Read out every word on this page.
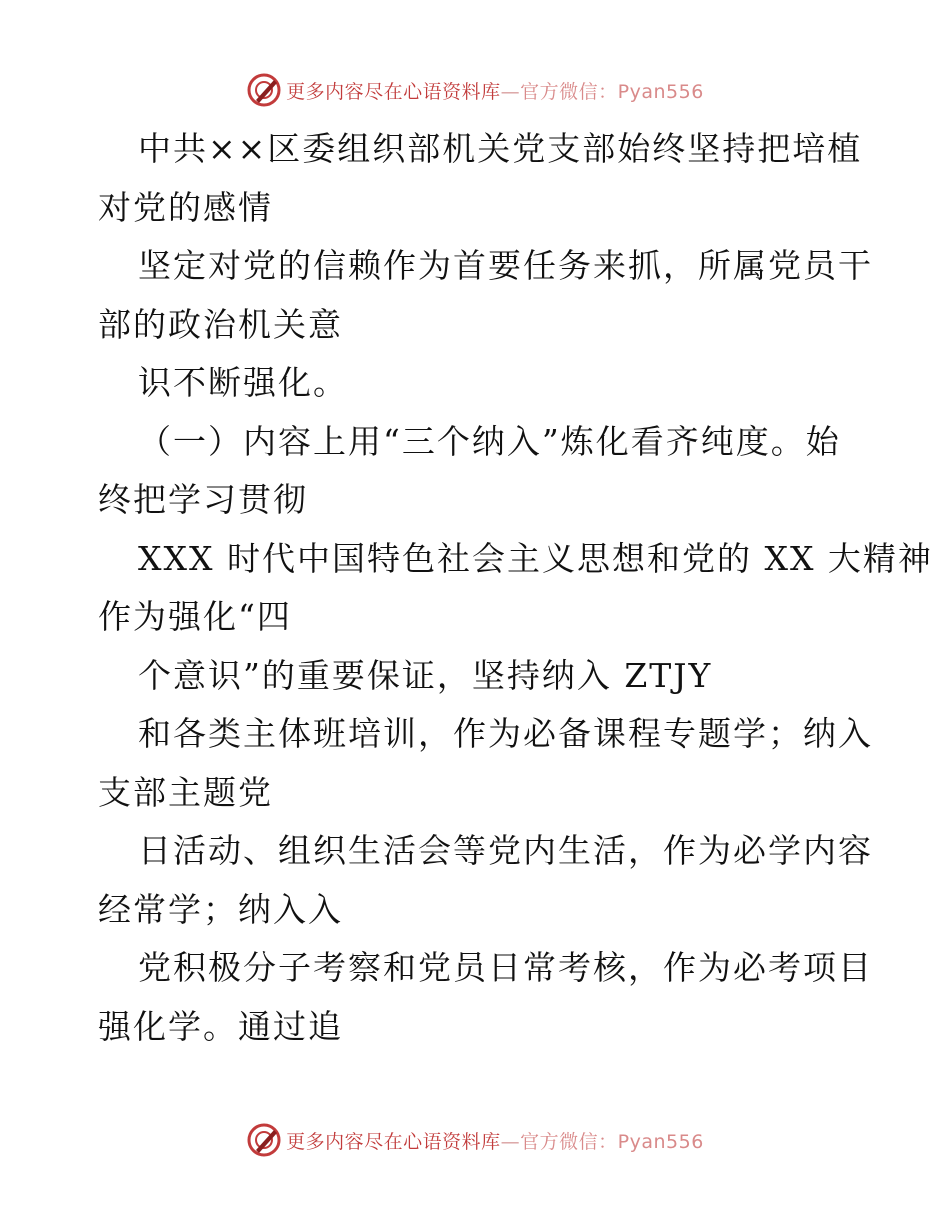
更多内容尽在心语资料库—官方微信：Pyan556
中共××区委组织部机关党支部始终坚持把培植
对党的感情
坚定对党的信赖作为首要任务来抓，所属党员干
部的政治机关意
识不断强化。
（一）内容上用“三个纳入”炼化看齐纯度。始
终把学习贯彻
XXX 时代中国特色社会主义思想和党的 XX 大精神
作为强化“四
个意识”的重要保证，坚持纳入 ZTJY
和各类主体班培训，作为必备课程专题学；纳入
支部主题党
日活动、组织生活会等党内生活，作为必学内容
经常学；纳入入
党积极分子考察和党员日常考核，作为必考项目
强化学。通过追
更多内容尽在心语资料库—官方微信：Pyan556
